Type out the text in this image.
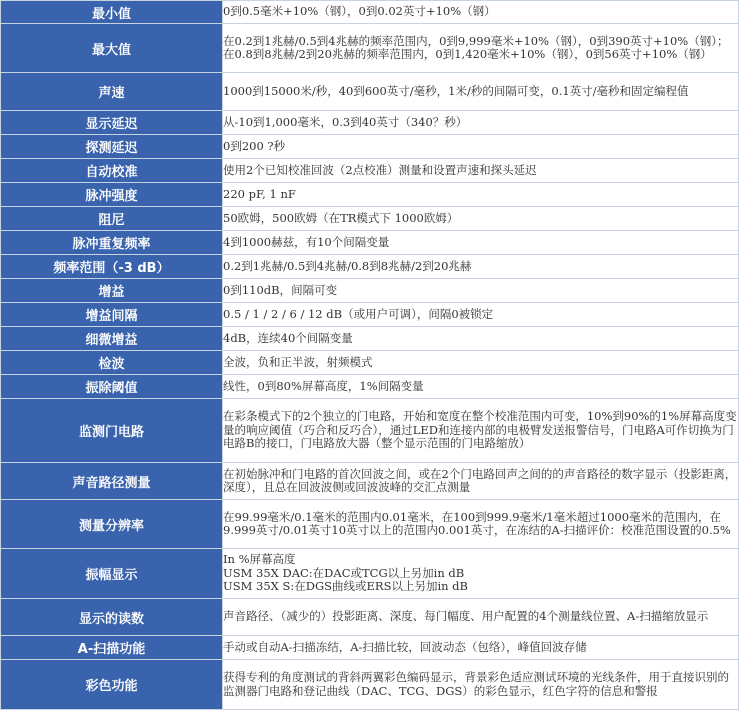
最小值	0到0.5毫米+10%（钢），0到0.02英寸+10%（钢）
最大值	在0.2到1兆赫/0.5到4兆赫的频率范围内，0到9,999毫米+10%（钢），0到390英寸+10%（钢）；在0.8到8兆赫/2到20兆赫的频率范围内，0到1,420毫米+10%（钢），0到56英寸+10%（钢）
声速	1000到15000米/秒，40到600英寸/毫秒，1米/秒的间隔可变，0.1英寸/毫秒和固定编程值
显示延迟	从-10到1,000毫米，0.3到40英寸（340？秒）
探测延迟	0到200 ?秒
自动校准	使用2个已知校准回波（2点校准）测量和设置声速和探头延迟
脉冲强度	220 pF, 1 nF
阻尼	50欧姆，500欧姆（在TR模式下 1000欧姆）
脉冲重复频率	4到1000赫兹，有10个间隔变量
频率范围（-3 dB）	0.2到1兆赫/0.5到4兆赫/0.8到8兆赫/2到20兆赫
增益	0到110dB，间隔可变
增益间隔	0.5 / 1 / 2 / 6 / 12 dB（或用户可调），间隔0被锁定
细微增益	4dB，连续40个间隔变量
检波	全波，负和正半波，射频模式
振除阈值	线性，0到80%屏幕高度，1%间隔变量
监测门电路	在彩条模式下的2个独立的门电路，开始和宽度在整个校准范围内可变，10%到90%的1%屏幕高度变量的响应阈值（巧合和反巧合），通过LED和连接内部的电极臂发送报警信号，门电路A可作切换为门电路B的接口，门电路放大器（整个显示范围的门电路缩放）
声音路径测量	在初始脉冲和门电路的首次回波之间，或在2个门电路回声之间的的声音路径的数字显示（投影距离，深度），且总在回波波侧或回波波峰的交汇点测量
测量分辨率	在99.99毫米/0.1毫米的范围内0.01毫米，在100到999.9毫米/1毫米超过1000毫米的范围内，在9.999英寸/0.01英寸10英寸以上的范围内0.001英寸，在冻结的A-扫描评价：校准范围设置的0.5%
振幅显示	In %屏幕高度
USM 35X DAC:在DAC或TCG以上另加in dB
USM 35X S:在DGS曲线或ERS以上另加in dB
显示的读数	声音路径、（减少的）投影距离、深度、每门幅度、用户配置的4个测量线位置、A-扫描缩放显示
A-扫描功能	手动或自动A-扫描冻结，A-扫描比较，回波动态（包络），峰值回波存储
彩色功能	获得专利的角度测试的背斜两翼彩色编码显示，背景彩色适应测试环境的光线条件，用于直接识别的监测器门电路和登记曲线（DAC、TCG、DGS）的彩色显示，红色字符的信息和警报
